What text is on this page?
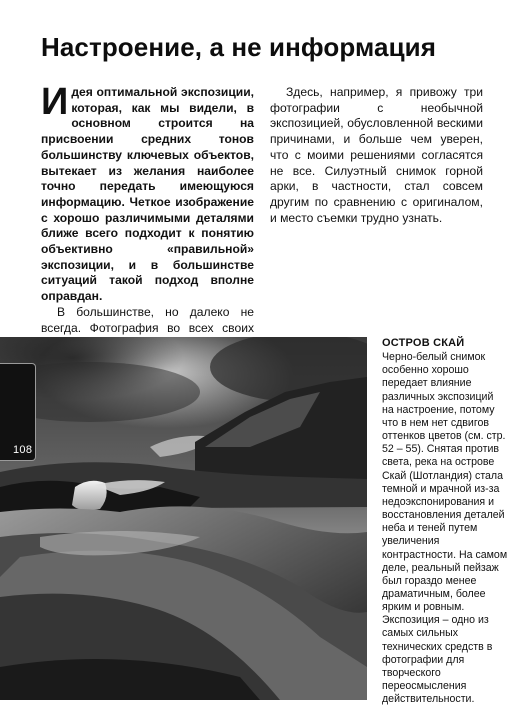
Настроение, а не информация

И дея оптимальной экспозиции, которая, как мы видели, в основном строится на присвоении средних тонов большинству ключевых объектов, вытекает из желания наиболее точно передать имеющуюся информацию. Четкое изображение с хорошо различимыми деталями ближе всего подходит к понятию объективно «правильной» экспозиции, и в большинстве ситуаций такой подход вполне оправдан.

В большинстве, но далеко не всегда. Фотография во всех своих

Здесь, например, я привожу три фотографии с необычной экспозицией, обусловленной вескими причинами, и больше чем уверен, что с моими решениями согласятся не все. Силуэтный снимок горной арки, в частности, стал совсем другим по сравнению с оригиналом, и место съемки трудно узнать.

108
ОСТРОВ СКАЙ
Черно-белый снимок особенно хорошо передает влияние различных экспозиций на настроение, потому что в нем нет сдвигов оттенков цветов (см. стр. 52 – 55). Снятая против света, река на острове Скай (Шотландия) стала темной и мрачной из-за недоэкспонирования и восстановления деталей неба и теней путем увеличения контрастности. На самом деле, реальный пейзаж был гораздо менее драматичным, более ярким и ровным. Экспозиция – одно из самых сильных технических средств в фотографии для творческого переосмысления действительности.
